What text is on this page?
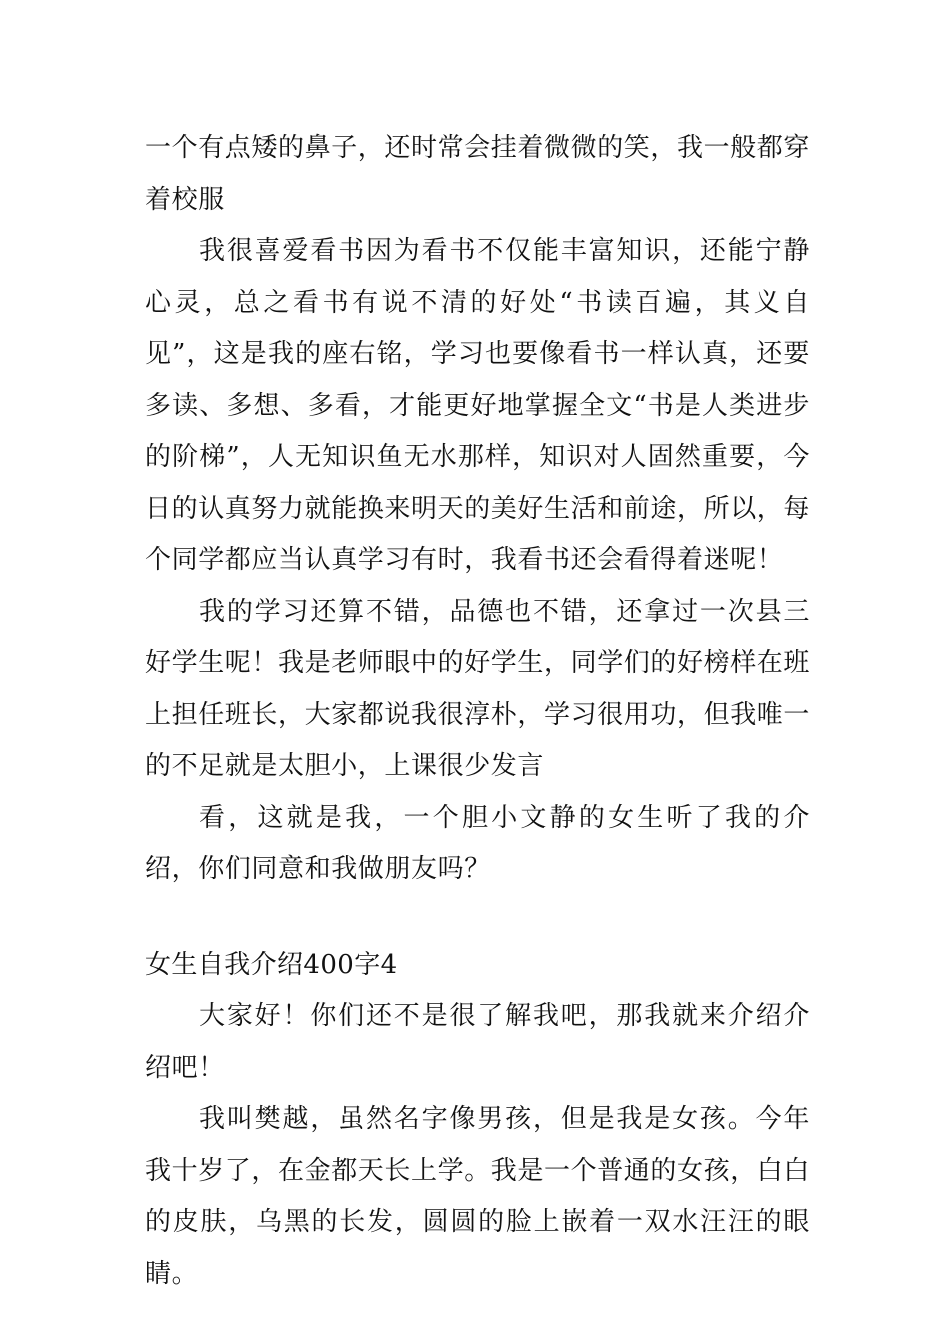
一个有点矮的鼻子，还时常会挂着微微的笑，我一般都穿着校服

我很喜爱看书因为看书不仅能丰富知识，还能宁静心灵，总之看书有说不清的好处“书读百遍，其义自见”，这是我的座右铭，学习也要像看书一样认真，还要多读、多想、多看，才能更好地掌握全文“书是人类进步的阶梯”，人无知识鱼无水那样，知识对人固然重要，今日的认真努力就能换来明天的美好生活和前途，所以，每个同学都应当认真学习有时，我看书还会看得着迷呢！

我的学习还算不错，品德也不错，还拿过一次县三好学生呢！我是老师眼中的好学生，同学们的好榜样在班上担任班长，大家都说我很淳朴，学习很用功，但我唯一的不足就是太胆小，上课很少发言

看，这就是我，一个胆小文静的女生听了我的介绍，你们同意和我做朋友吗？

女生自我介绍400字4

大家好！你们还不是很了解我吧，那我就来介绍介绍吧！

我叫樊越，虽然名字像男孩，但是我是女孩。今年我十岁了，在金都天长上学。我是一个普通的女孩，白白的皮肤，乌黑的长发，圆圆的脸上嵌着一双水汪汪的眼睛。
